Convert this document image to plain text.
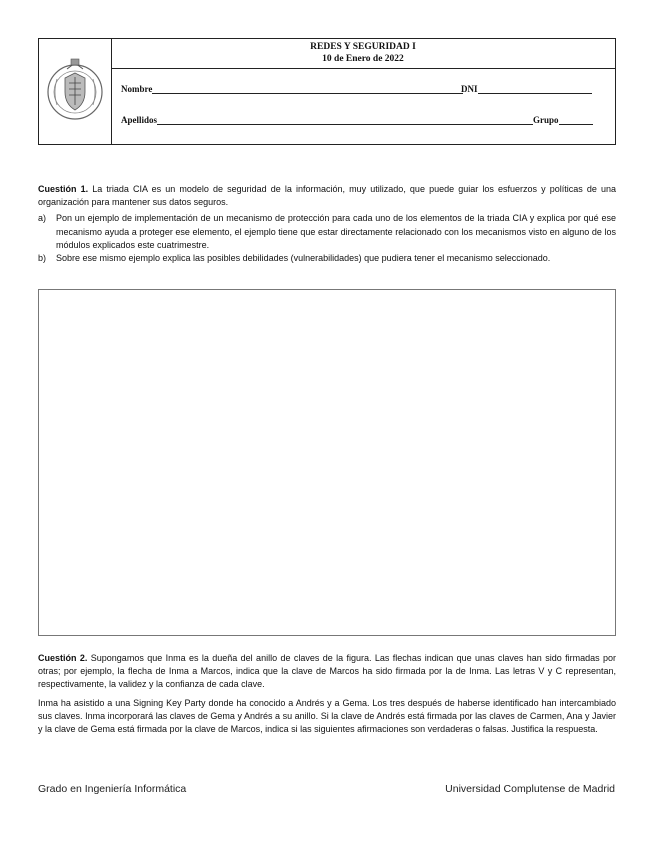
REDES Y SEGURIDAD I
10 de Enero de 2022
Nombre	DNI
Apellidos	Grupo
Cuestión 1. La triada CIA es un modelo de seguridad de la información, muy utilizado, que puede guiar los esfuerzos y políticas de una organización para mantener sus datos seguros.
a) Pon un ejemplo de implementación de un mecanismo de protección para cada uno de los elementos de la triada CIA y explica por qué ese mecanismo ayuda a proteger ese elemento, el ejemplo tiene que estar directamente relacionado con los mecanismos visto en alguno de los módulos explicados este cuatrimestre.
b) Sobre ese mismo ejemplo explica las posibles debilidades (vulnerabilidades) que pudiera tener el mecanismo seleccionado.
Cuestión 2. Supongamos que Inma es la dueña del anillo de claves de la figura. Las flechas indican que unas claves han sido firmadas por otras; por ejemplo, la flecha de Inma a Marcos, indica que la clave de Marcos ha sido firmada por la de Inma. Las letras V y C representan, respectivamente, la validez y la confianza de cada clave.
Inma ha asistido a una Signing Key Party donde ha conocido a Andrés y a Gema. Los tres después de haberse identificado han intercambiado sus claves. Inma incorporará las claves de Gema y Andrés a su anillo. Si la clave de Andrés está firmada por las claves de Carmen, Ana y Javier y la clave de Gema está firmada por la clave de Marcos, indica si las siguientes afirmaciones son verdaderas o falsas. Justifica la respuesta.
Grado en Ingeniería Informática	Universidad Complutense de Madrid
